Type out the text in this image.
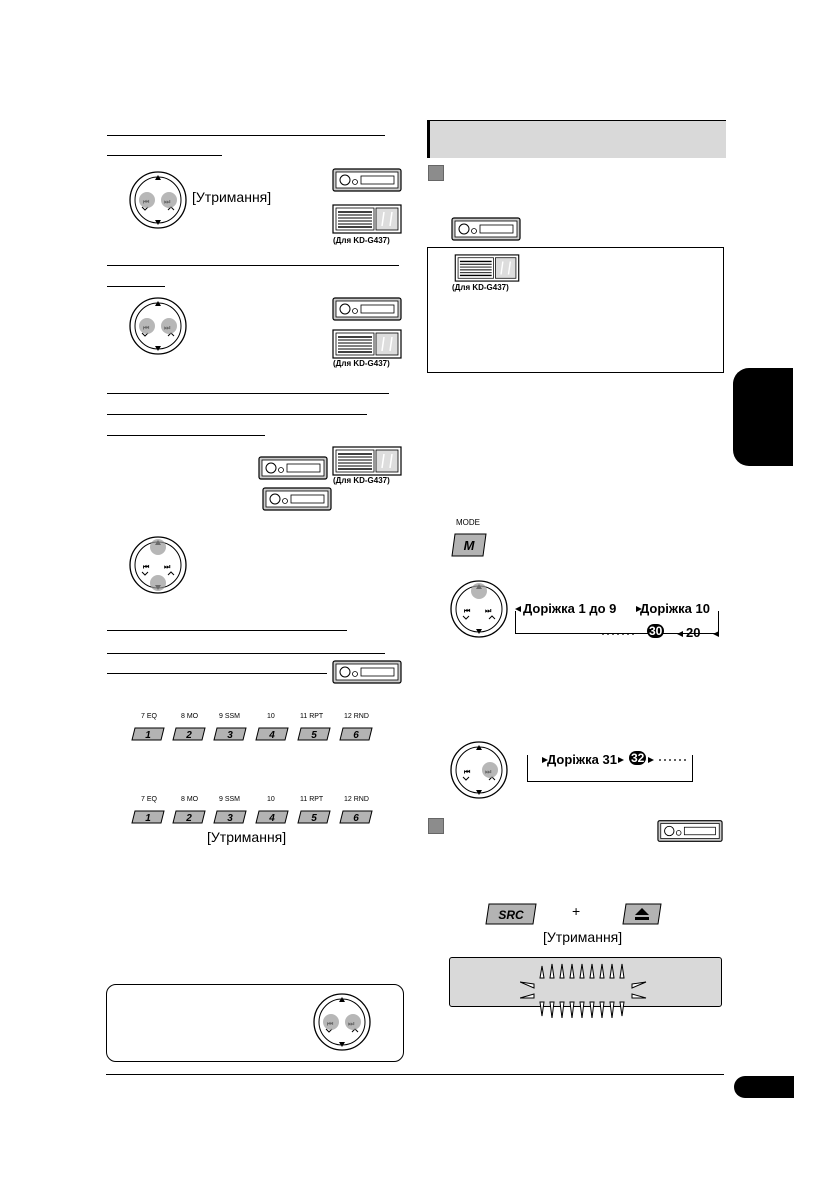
[Утримання]
(Для KD-G437)
(Для KD-G437)
(Для KD-G437)
7 EQ	8 MO	9 SSM	10	11 RPT	12 RND
1	2	3	4	5	6
7 EQ	8 MO	9 SSM	10	11 RPT	12 RND
1	2	3	4	5	6
[Утримання]
(Для KD-G437)
MODE
M
Доріжка 1 до 9 Доріжка 10
20
30
Доріжка 31 32
SRC	+
[Утримання]
